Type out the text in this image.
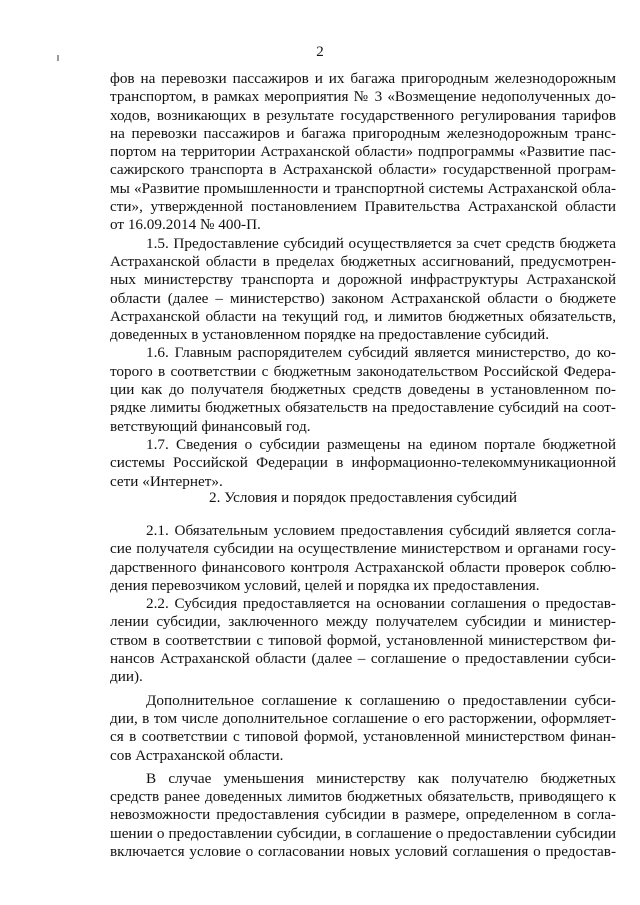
2
фов на перевозки пассажиров и их багажа пригородным железнодорожным
транспортом, в рамках мероприятия № 3 «Возмещение недополученных до-
ходов, возникающих в результате государственного регулирования тарифов
на перевозки пассажиров и багажа пригородным железнодорожным транс-
портом на территории Астраханской области» подпрограммы «Развитие пас-
сажирского транспорта в Астраханской области» государственной програм-
мы «Развитие промышленности и транспортной системы Астраханской обла-
сти», утвержденной постановлением Правительства Астраханской области
от 16.09.2014 № 400-П.
1.5. Предоставление субсидий осуществляется за счет средств бюджета
Астраханской области в пределах бюджетных ассигнований, предусмотрен-
ных министерству транспорта и дорожной инфраструктуры Астраханской
области (далее – министерство) законом Астраханской области о бюджете
Астраханской области на текущий год, и лимитов бюджетных обязательств,
доведенных в установленном порядке на предоставление субсидий.
1.6. Главным распорядителем субсидий является министерство, до ко-
торого в соответствии с бюджетным законодательством Российской Федера-
ции как до получателя бюджетных средств доведены в установленном по-
рядке лимиты бюджетных обязательств на предоставление субсидий на соот-
ветствующий финансовый год.
1.7. Сведения о субсидии размещены на едином портале бюджетной
системы Российской Федерации в информационно-телекоммуникационной
сети «Интернет».
2. Условия и порядок предоставления субсидий
2.1. Обязательным условием предоставления субсидий является согла-
сие получателя субсидии на осуществление министерством и органами госу-
дарственного финансового контроля Астраханской области проверок соблю-
дения перевозчиком условий, целей и порядка их предоставления.
2.2. Субсидия предоставляется на основании соглашения о предостав-
лении субсидии, заключенного между получателем субсидии и министер-
ством в соответствии с типовой формой, установленной министерством фи-
нансов Астраханской области (далее – соглашение о предоставлении субси-
дии).
Дополнительное соглашение к соглашению о предоставлении субси-
дии, в том числе дополнительное соглашение о его расторжении, оформляет-
ся в соответствии с типовой формой, установленной министерством финан-
сов Астраханской области.
В случае уменьшения министерству как получателю бюджетных
средств ранее доведенных лимитов бюджетных обязательств, приводящего к
невозможности предоставления субсидии в размере, определенном в согла-
шении о предоставлении субсидии, в соглашение о предоставлении субсидии
включается условие о согласовании новых условий соглашения о предостав-
